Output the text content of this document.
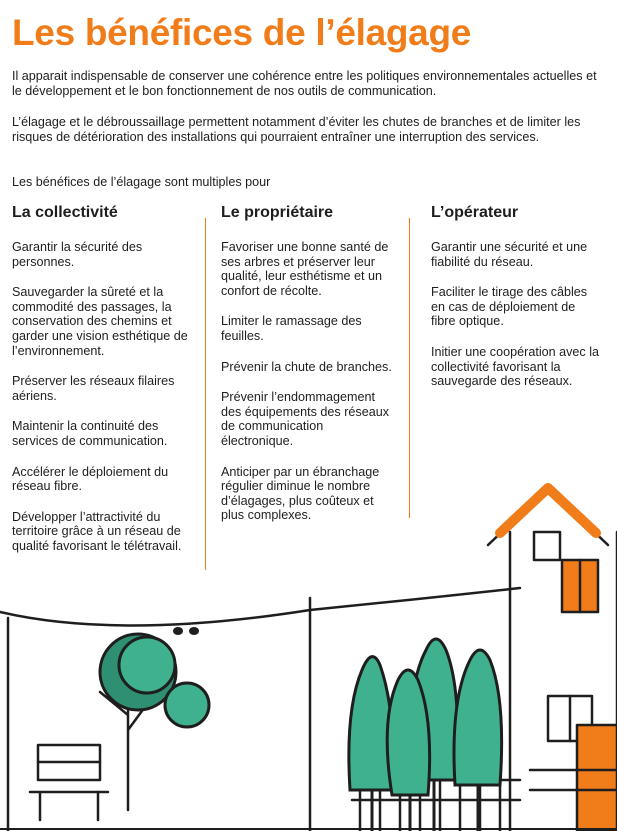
Les bénéfices de l’élagage

Il apparait indispensable de conserver une cohérence entre les politiques environnementales actuelles et le développement et le bon fonctionnement de nos outils de communication.

L’élagage et le débroussaillage permettent notamment d’éviter les chutes de branches et de limiter les risques de détérioration des installations qui pourraient entraîner une interruption des services.

Les bénéfices de l’élagage sont multiples pour

La collectivité

Garantir la sécurité des personnes.

Sauvegarder la sûreté et la commodité des passages, la conservation des chemins et garder une vision esthétique de l’environnement.

Préserver les réseaux filaires aériens.

Maintenir la continuité des services de communication.

Accélérer le déploiement du réseau fibre.

Développer l’attractivité du territoire grâce à un réseau de qualité favorisant le télétravail.

Le propriétaire

Favoriser une bonne santé de ses arbres et préserver leur qualité, leur esthétisme et un confort de récolte.

Limiter le ramassage des feuilles.

Prévenir la chute de branches.

Prévenir l’endommagement des équipements des réseaux de communication électronique.

Anticiper par un ébranchage régulier diminue le nombre d’élagages, plus coûteux et plus complexes.

L’opérateur

Garantir une sécurité et une fiabilité du réseau.

Faciliter le tirage des câbles en cas de déploiement de fibre optique.

Initier une coopération avec la collectivité favorisant la sauvegarde des réseaux.
